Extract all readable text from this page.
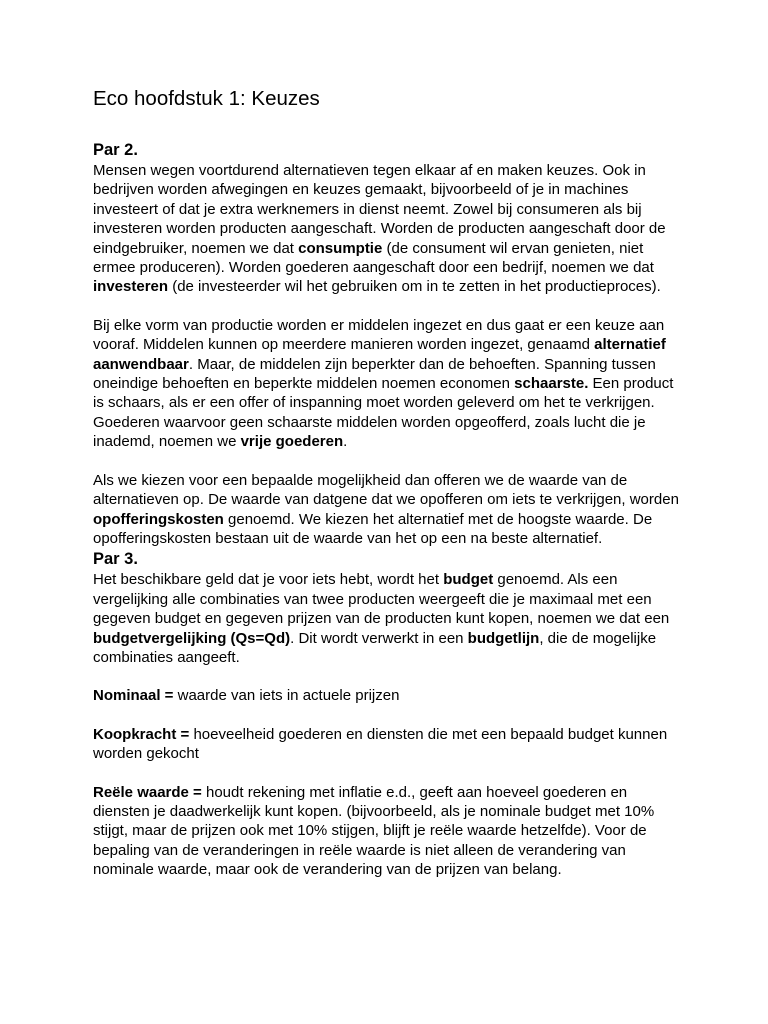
Eco hoofdstuk 1: Keuzes
Par 2.

Mensen wegen voortdurend alternatieven tegen elkaar af en maken keuzes. Ook in bedrijven worden afwegingen en keuzes gemaakt, bijvoorbeeld of je in machines investeert of dat je extra werknemers in dienst neemt. Zowel bij consumeren als bij investeren worden producten aangeschaft. Worden de producten aangeschaft door de eindgebruiker, noemen we dat consumptie (de consument wil ervan genieten, niet ermee produceren). Worden goederen aangeschaft door een bedrijf, noemen we dat investeren (de investeerder wil het gebruiken om in te zetten in het productieproces).

Bij elke vorm van productie worden er middelen ingezet en dus gaat er een keuze aan vooraf. Middelen kunnen op meerdere manieren worden ingezet, genaamd alternatief aanwendbaar. Maar, de middelen zijn beperkter dan de behoeften. Spanning tussen oneindige behoeften en beperkte middelen noemen economen schaarste. Een product is schaars, als er een offer of inspanning moet worden geleverd om het te verkrijgen. Goederen waarvoor geen schaarste middelen worden opgeofferd, zoals lucht die je inademd, noemen we vrije goederen.

Als we kiezen voor een bepaalde mogelijkheid dan offeren we de waarde van de alternatieven op. De waarde van datgene dat we opofferen om iets te verkrijgen, worden opofferingskosten genoemd. We kiezen het alternatief met de hoogste waarde. De opofferingskosten bestaan uit de waarde van het op een na beste alternatief.

Par 3.

Het beschikbare geld dat je voor iets hebt, wordt het budget genoemd. Als een vergelijking alle combinaties van twee producten weergeeft die je maximaal met een gegeven budget en gegeven prijzen van de producten kunt kopen, noemen we dat een budgetvergelijking (Qs=Qd). Dit wordt verwerkt in een budgetlijn, die de mogelijke combinaties aangeeft.

Nominaal = waarde van iets in actuele prijzen

Koopkracht = hoeveelheid goederen en diensten die met een bepaald budget kunnen worden gekocht

Reële waarde = houdt rekening met inflatie e.d., geeft aan hoeveel goederen en diensten je daadwerkelijk kunt kopen. (bijvoorbeeld, als je nominale budget met 10% stijgt, maar de prijzen ook met 10% stijgen, blijft je reële waarde hetzelfde). Voor de bepaling van de veranderingen in reële waarde is niet alleen de verandering van nominale waarde, maar ook de verandering van de prijzen van belang.
